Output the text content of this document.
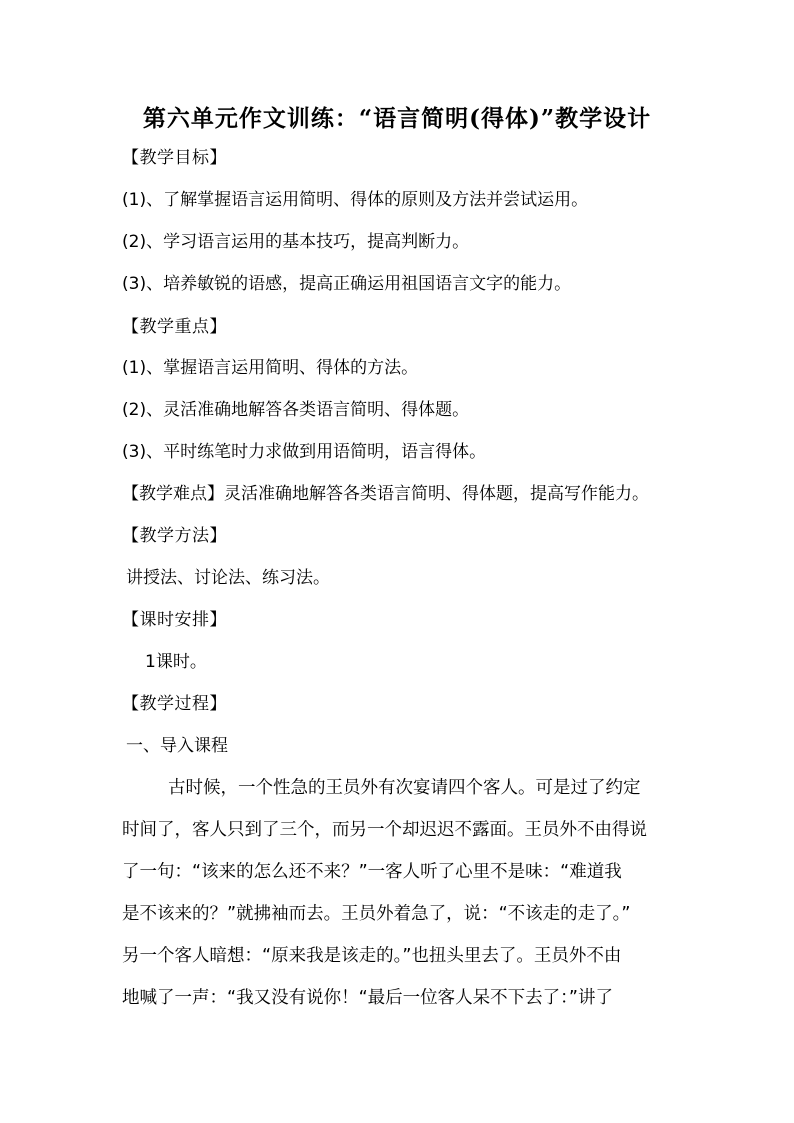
第六单元作文训练：“语言简明(得体)”教学设计
【教学目标】
(1)、了解掌握语言运用简明、得体的原则及方法并尝试运用。
(2)、学习语言运用的基本技巧，提高判断力。
(3)、培养敏锐的语感，提高正确运用祖国语言文字的能力。
【教学重点】
(1)、掌握语言运用简明、得体的方法。
(2)、灵活准确地解答各类语言简明、得体题。
(3)、平时练笔时力求做到用语简明，语言得体。
【教学难点】灵活准确地解答各类语言简明、得体题，提高写作能力。
【教学方法】
讲授法、讨论法、练习法。
【课时安排】
1课时。
【教学过程】
一、导入课程
古时候，一个性急的王员外有次宴请四个客人。可是过了约定
时间了，客人只到了三个，而另一个却迟迟不露面。王员外不由得说
了一句：“该来的怎么还不来？”一客人听了心里不是味：“难道我
是不该来的？”就拂袖而去。王员外着急了，说：“不该走的走了。”
另一个客人暗想：“原来我是该走的。”也扭头里去了。王员外不由
地喊了一声：“我又没有说你！“最后一位客人呆不下去了：”讲了
